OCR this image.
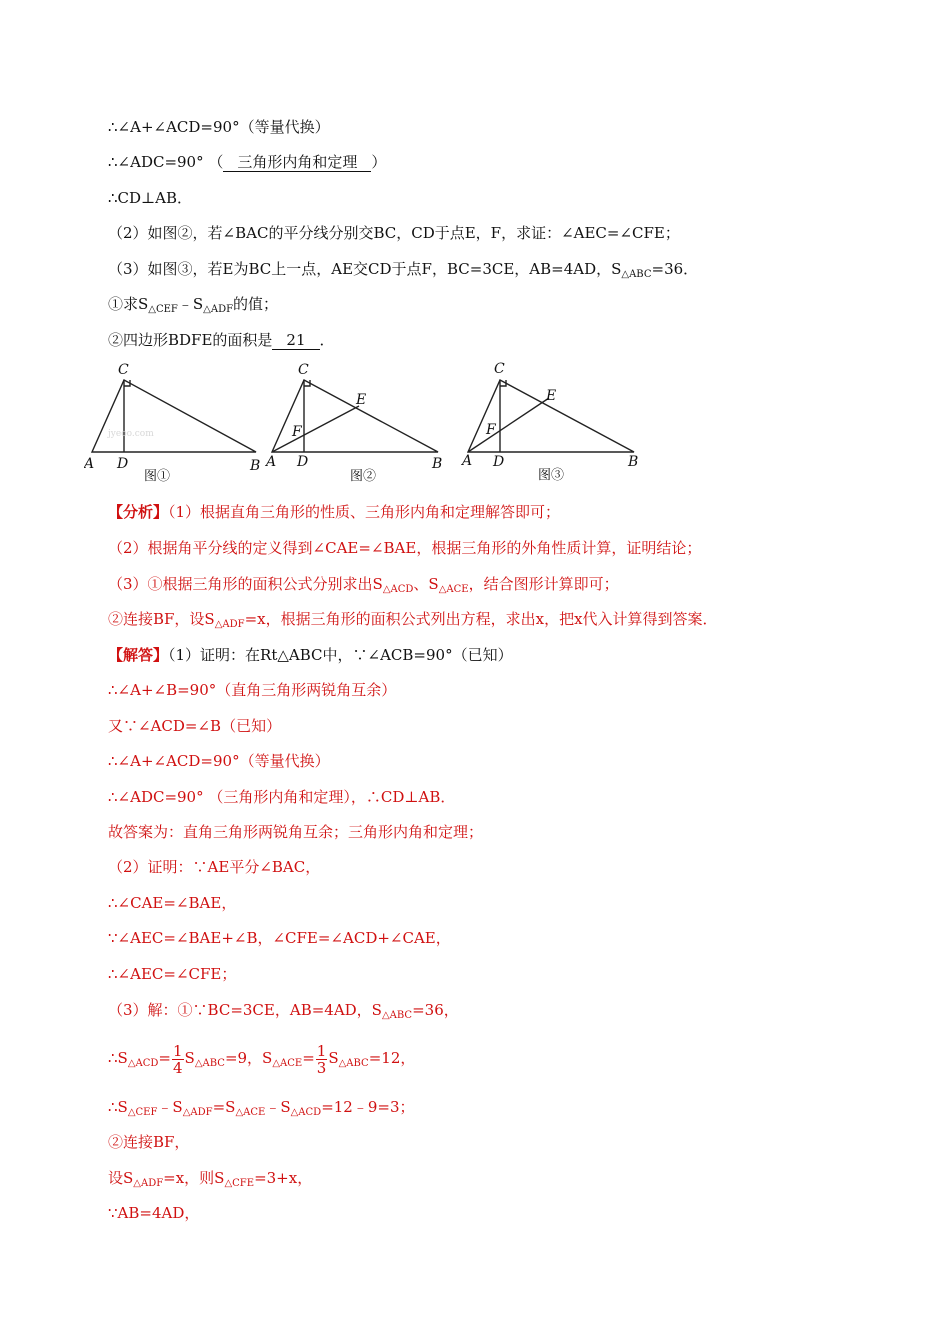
∴∠A+∠ACD=90°（等量代换）
∴∠ADC=90° （ 三角形内角和定理 ）
∴CD⊥AB．
（2）如图②，若∠BAC的平分线分别交BC，CD于点E，F，求证：∠AEC=∠CFE；
（3）如图③，若E为BC上一点，AE交CD于点F，BC=3CE，AB=4AD，$S_{\triangle ABC}=36$．
①求$S_{\triangle CEF}﹣S_{\triangle ADF}$的值；
②四边形BDFE的面积是 21 ．
A D	B
C
A D	B
C
E
F
A D	B
C
E
F
jyeoo.com
图①	图②	图③
【分析】（1）根据直角三角形的性质、三角形内角和定理解答即可；
（2）根据角平分线的定义得到∠CAE=∠BAE，根据三角形的外角性质计算，证明结论；
（3）①根据三角形的面积公式分别求出$S_{\triangle ACD}$、$S_{\triangle ACE}$，结合图形计算即可；
②连接BF，设$S_{\triangle ADF}=x$，根据三角形的面积公式列出方程，求出x，把x代入计算得到答案．
【解答】（1）证明：在Rt△ABC中，∵∠ACB=90°（已知）
∴∠A+∠B=90°（直角三角形两锐角互余）
又∵∠ACD=∠B（已知）
∴∠A+∠ACD=90°（等量代换）
∴∠ADC=90° （三角形内角和定理），∴CD⊥AB．
故答案为：直角三角形两锐角互余；三角形内角和定理；
（2）证明：∵AE平分∠BAC，
∴∠CAE=∠BAE，
∵∠AEC=∠BAE+∠B，∠CFE=∠ACD+∠CAE，
∴∠AEC=∠CFE；
（3）解：①∵BC=3CE，AB=4AD，$S_{\triangle ABC}=36$，
$\therefore S_{\triangle ACD}= \frac{1}{4} S_{\triangle ABC}=9$，$S_{\triangle ACE}= \frac{1}{3} S_{\triangle ABC}=12$，
$\therefore S_{\triangle CEF}﹣S_{\triangle ADF}=S_{\triangle ACE}﹣S_{\triangle ACD}=12﹣9=3$；
②连接BF，
设$S_{\triangle ADF}=x$，则$S_{\triangle CFE}=3+x$，
∵AB=4AD，
